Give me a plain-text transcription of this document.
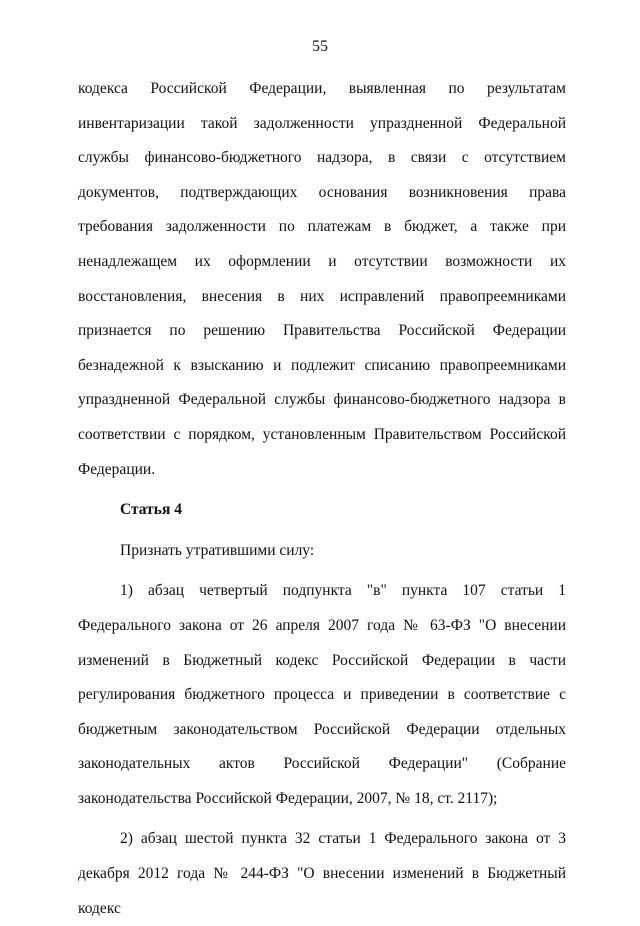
55

кодекса Российской Федерации, выявленная по результатам инвентаризации такой задолженности упраздненной Федеральной службы финансово-бюджетного надзора, в связи с отсутствием документов, подтверждающих основания возникновения права требования задолженности по платежам в бюджет, а также при ненадлежащем их оформлении и отсутствии возможности их восстановления, внесения в них исправлений правопреемниками признается по решению Правительства Российской Федерации безнадежной к взысканию и подлежит списанию правопреемниками упраздненной Федеральной службы финансово-бюджетного надзора в соответствии с порядком, установленным Правительством Российской Федерации.

Статья 4

Признать утратившими силу:

1) абзац четвертый подпункта "в" пункта 107 статьи 1 Федерального закона от 26 апреля 2007 года № 63-ФЗ "О внесении изменений в Бюджетный кодекс Российской Федерации в части регулирования бюджетного процесса и приведении в соответствие с бюджетным законодательством Российской Федерации отдельных законодательных актов Российской Федерации" (Собрание законодательства Российской Федерации, 2007, № 18, ст. 2117);

2) абзац шестой пункта 32 статьи 1 Федерального закона от 3 декабря 2012 года № 244-ФЗ "О внесении изменений в Бюджетный кодекс
